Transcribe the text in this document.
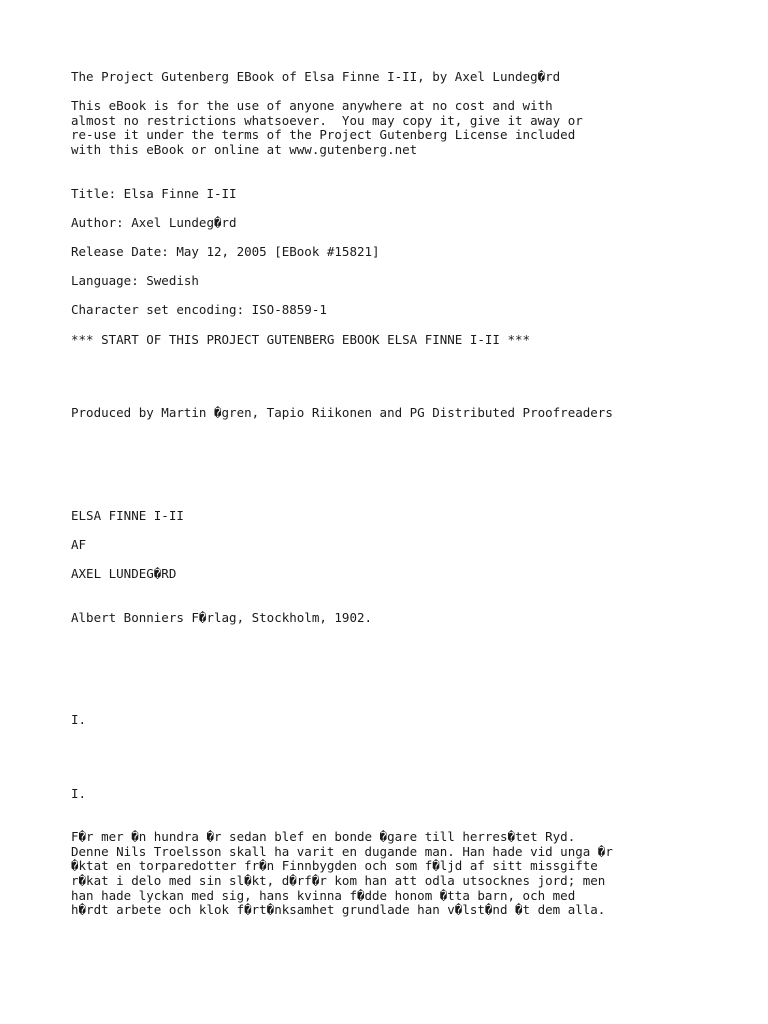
The Project Gutenberg EBook of Elsa Finne I-II, by Axel Lundeg�rd

This eBook is for the use of anyone anywhere at no cost and with

almost no restrictions whatsoever.  You may copy it, give it away or

re-use it under the terms of the Project Gutenberg License included

with this eBook or online at www.gutenberg.net

Title: Elsa Finne I-II

Author: Axel Lundeg�rd

Release Date: May 12, 2005 [EBook #15821]

Language: Swedish

Character set encoding: ISO-8859-1

*** START OF THIS PROJECT GUTENBERG EBOOK ELSA FINNE I-II ***

Produced by Martin �gren, Tapio Riikonen and PG Distributed Proofreaders

ELSA FINNE I-II

AF

AXEL LUNDEG�RD

Albert Bonniers F�rlag, Stockholm, 1902.

I.

I.

F�r mer �n hundra �r sedan blef en bonde �gare till herres�tet Ryd.

Denne Nils Troelsson skall ha varit en dugande man. Han hade vid unga �r

�ktat en torparedotter fr�n Finnbygden och som f�ljd af sitt missgifte

r�kat i delo med sin sl�kt, d�rf�r kom han att odla utsocknes jord; men

han hade lyckan med sig, hans kvinna f�dde honom �tta barn, och med

h�rdt arbete och klok f�rt�nksamhet grundlade han v�lst�nd �t dem alla.
